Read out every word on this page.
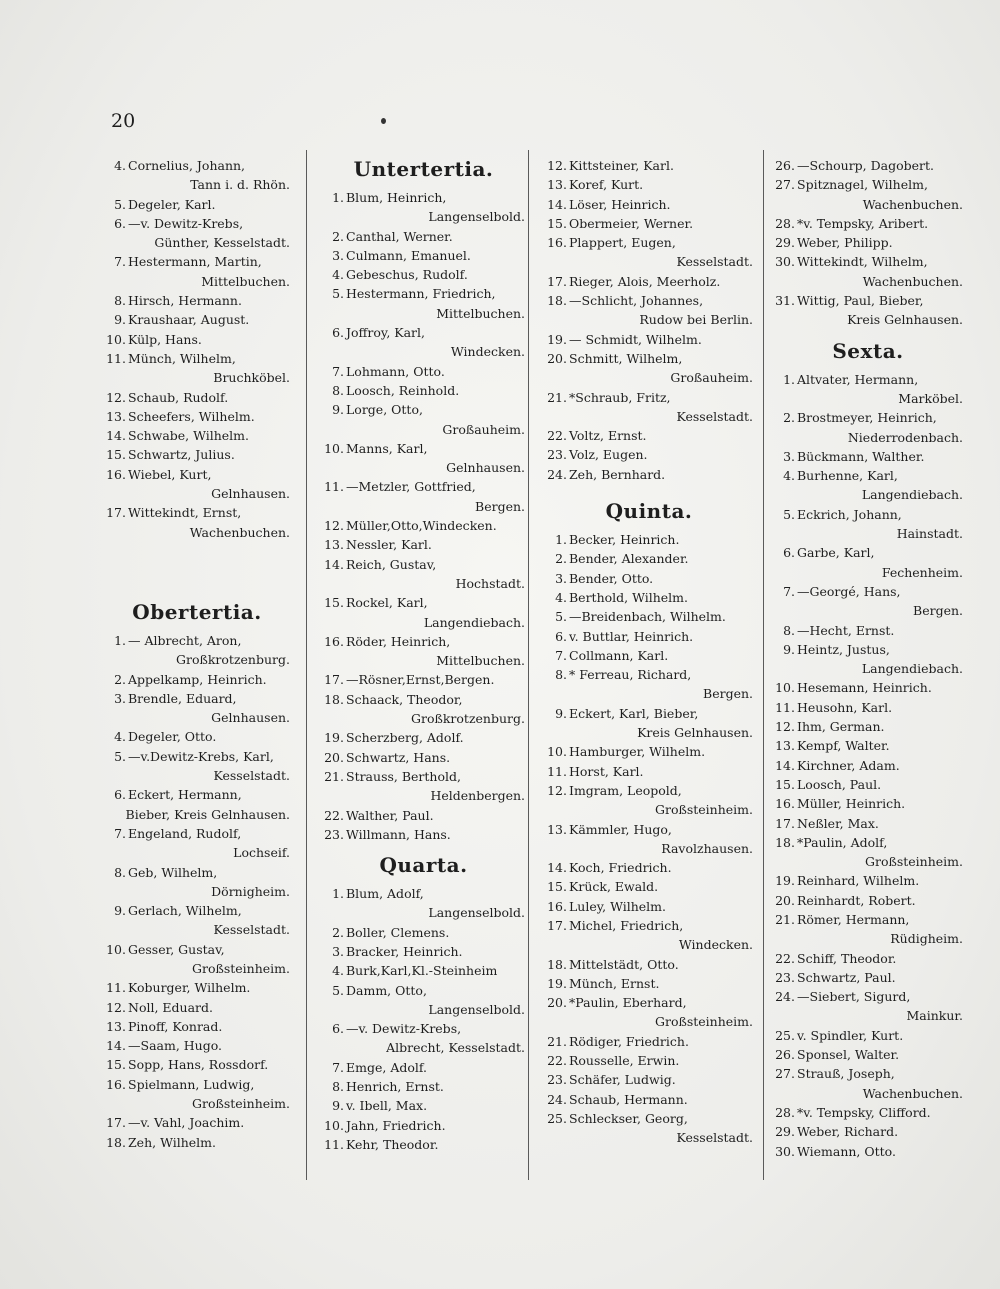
20
4. Cornelius, Johann,
Tann i. d. Rhön.
5. Degeler, Karl.
6. —v. Dewitz-Krebs,
Günther, Kesselstadt.
7. Hestermann, Martin,
Mittelbuchen.
8. Hirsch, Hermann.
9. Kraushaar, August.
10. Külp, Hans.
11. Münch, Wilhelm,
Bruchköbel.
12. Schaub, Rudolf.
13. Scheefers, Wilhelm.
14. Schwabe, Wilhelm.
15. Schwartz, Julius.
16. Wiebel, Kurt,
Gelnhausen.
17. Wittekindt, Ernst,
Wachenbuchen.
Obertertia.
1. — Albrecht, Aron,
Großkrotzenburg.
2. Appelkamp, Heinrich.
3. Brendle, Eduard,
Gelnhausen.
4. Degeler, Otto.
5. —v.Dewitz-Krebs, Karl,
Kesselstadt.
6. Eckert, Hermann,
Bieber, Kreis Gelnhausen.
7. Engeland, Rudolf,
Lochseif.
8. Geb, Wilhelm,
Dörnigheim.
9. Gerlach, Wilhelm,
Kesselstadt.
10. Gesser, Gustav,
Großsteinheim.
11. Koburger, Wilhelm.
12. Noll, Eduard.
13. Pinoff, Konrad.
14. —Saam, Hugo.
15. Sopp, Hans, Rossdorf.
16. Spielmann, Ludwig,
Großsteinheim.
17. —v. Vahl, Joachim.
18. Zeh, Wilhelm.
Untertertia.
1. Blum, Heinrich,
Langenselbold.
2. Canthal, Werner.
3. Culmann, Emanuel.
4. Gebeschus, Rudolf.
5. Hestermann, Friedrich,
Mittelbuchen.
6. Joffroy, Karl,
Windecken.
7. Lohmann, Otto.
8. Loosch, Reinhold.
9. Lorge, Otto,
Großauheim.
10. Manns, Karl,
Gelnhausen.
11. —Metzler, Gottfried,
Bergen.
12. Müller,Otto,Windecken.
13. Nessler, Karl.
14. Reich, Gustav,
Hochstadt.
15. Rockel, Karl,
Langendiebach.
16. Röder, Heinrich,
Mittelbuchen.
17. —Rösner,Ernst,Bergen.
18. Schaack, Theodor,
Großkrotzenburg.
19. Scherzberg, Adolf.
20. Schwartz, Hans.
21. Strauss, Berthold,
Heldenbergen.
22. Walther, Paul.
23. Willmann, Hans.
Quarta.
1. Blum, Adolf,
Langenselbold.
2. Boller, Clemens.
3. Bracker, Heinrich.
4. Burk,Karl,Kl.-Steinheim
5. Damm, Otto,
Langenselbold.
6. —v. Dewitz-Krebs,
Albrecht, Kesselstadt.
7. Emge, Adolf.
8. Henrich, Ernst.
9. v. Ibell, Max.
10. Jahn, Friedrich.
11. Kehr, Theodor.
12. Kittsteiner, Karl.
13. Koref, Kurt.
14. Löser, Heinrich.
15. Obermeier, Werner.
16. Plappert, Eugen,
Kesselstadt.
17. Rieger, Alois, Meerholz.
18. —Schlicht, Johannes,
Rudow bei Berlin.
19. — Schmidt, Wilhelm.
20. Schmitt, Wilhelm,
Großauheim.
21. *Schraub, Fritz,
Kesselstadt.
22. Voltz, Ernst.
23. Volz, Eugen.
24. Zeh, Bernhard.
Quinta.
1. Becker, Heinrich.
2. Bender, Alexander.
3. Bender, Otto.
4. Berthold, Wilhelm.
5. —Breidenbach, Wilhelm.
6. v. Buttlar, Heinrich.
7. Collmann, Karl.
8. * Ferreau, Richard,
Bergen.
9. Eckert, Karl, Bieber,
Kreis Gelnhausen.
10. Hamburger, Wilhelm.
11. Horst, Karl.
12. Imgram, Leopold,
Großsteinheim.
13. Kämmler, Hugo,
Ravolzhausen.
14. Koch, Friedrich.
15. Krück, Ewald.
16. Luley, Wilhelm.
17. Michel, Friedrich,
Windecken.
18. Mittelstädt, Otto.
19. Münch, Ernst.
20. *Paulin, Eberhard,
Großsteinheim.
21. Rödiger, Friedrich.
22. Rousselle, Erwin.
23. Schäfer, Ludwig.
24. Schaub, Hermann.
25. Schleckser, Georg,
Kesselstadt.
26. —Schourp, Dagobert.
27. Spitznagel, Wilhelm,
Wachenbuchen.
28. *v. Tempsky, Aribert.
29. Weber, Philipp.
30. Wittekindt, Wilhelm,
Wachenbuchen.
31. Wittig, Paul, Bieber,
Kreis Gelnhausen.
Sexta.
1. Altvater, Hermann,
Marköbel.
2. Brostmeyer, Heinrich,
Niederrodenbach.
3. Bückmann, Walther.
4. Burhenne, Karl,
Langendiebach.
5. Eckrich, Johann,
Hainstadt.
6. Garbe, Karl,
Fechenheim.
7. —Georgé, Hans,
Bergen.
8. —Hecht, Ernst.
9. Heintz, Justus,
Langendiebach.
10. Hesemann, Heinrich.
11. Heusohn, Karl.
12. Ihm, German.
13. Kempf, Walter.
14. Kirchner, Adam.
15. Loosch, Paul.
16. Müller, Heinrich.
17. Neßler, Max.
18. *Paulin, Adolf,
Großsteinheim.
19. Reinhard, Wilhelm.
20. Reinhardt, Robert.
21. Römer, Hermann,
Rüdigheim.
22. Schiff, Theodor.
23. Schwartz, Paul.
24. —Siebert, Sigurd,
Mainkur.
25. v. Spindler, Kurt.
26. Sponsel, Walter.
27. Strauß, Joseph,
Wachenbuchen.
28. *v. Tempsky, Clifford.
29. Weber, Richard.
30. Wiemann, Otto.
